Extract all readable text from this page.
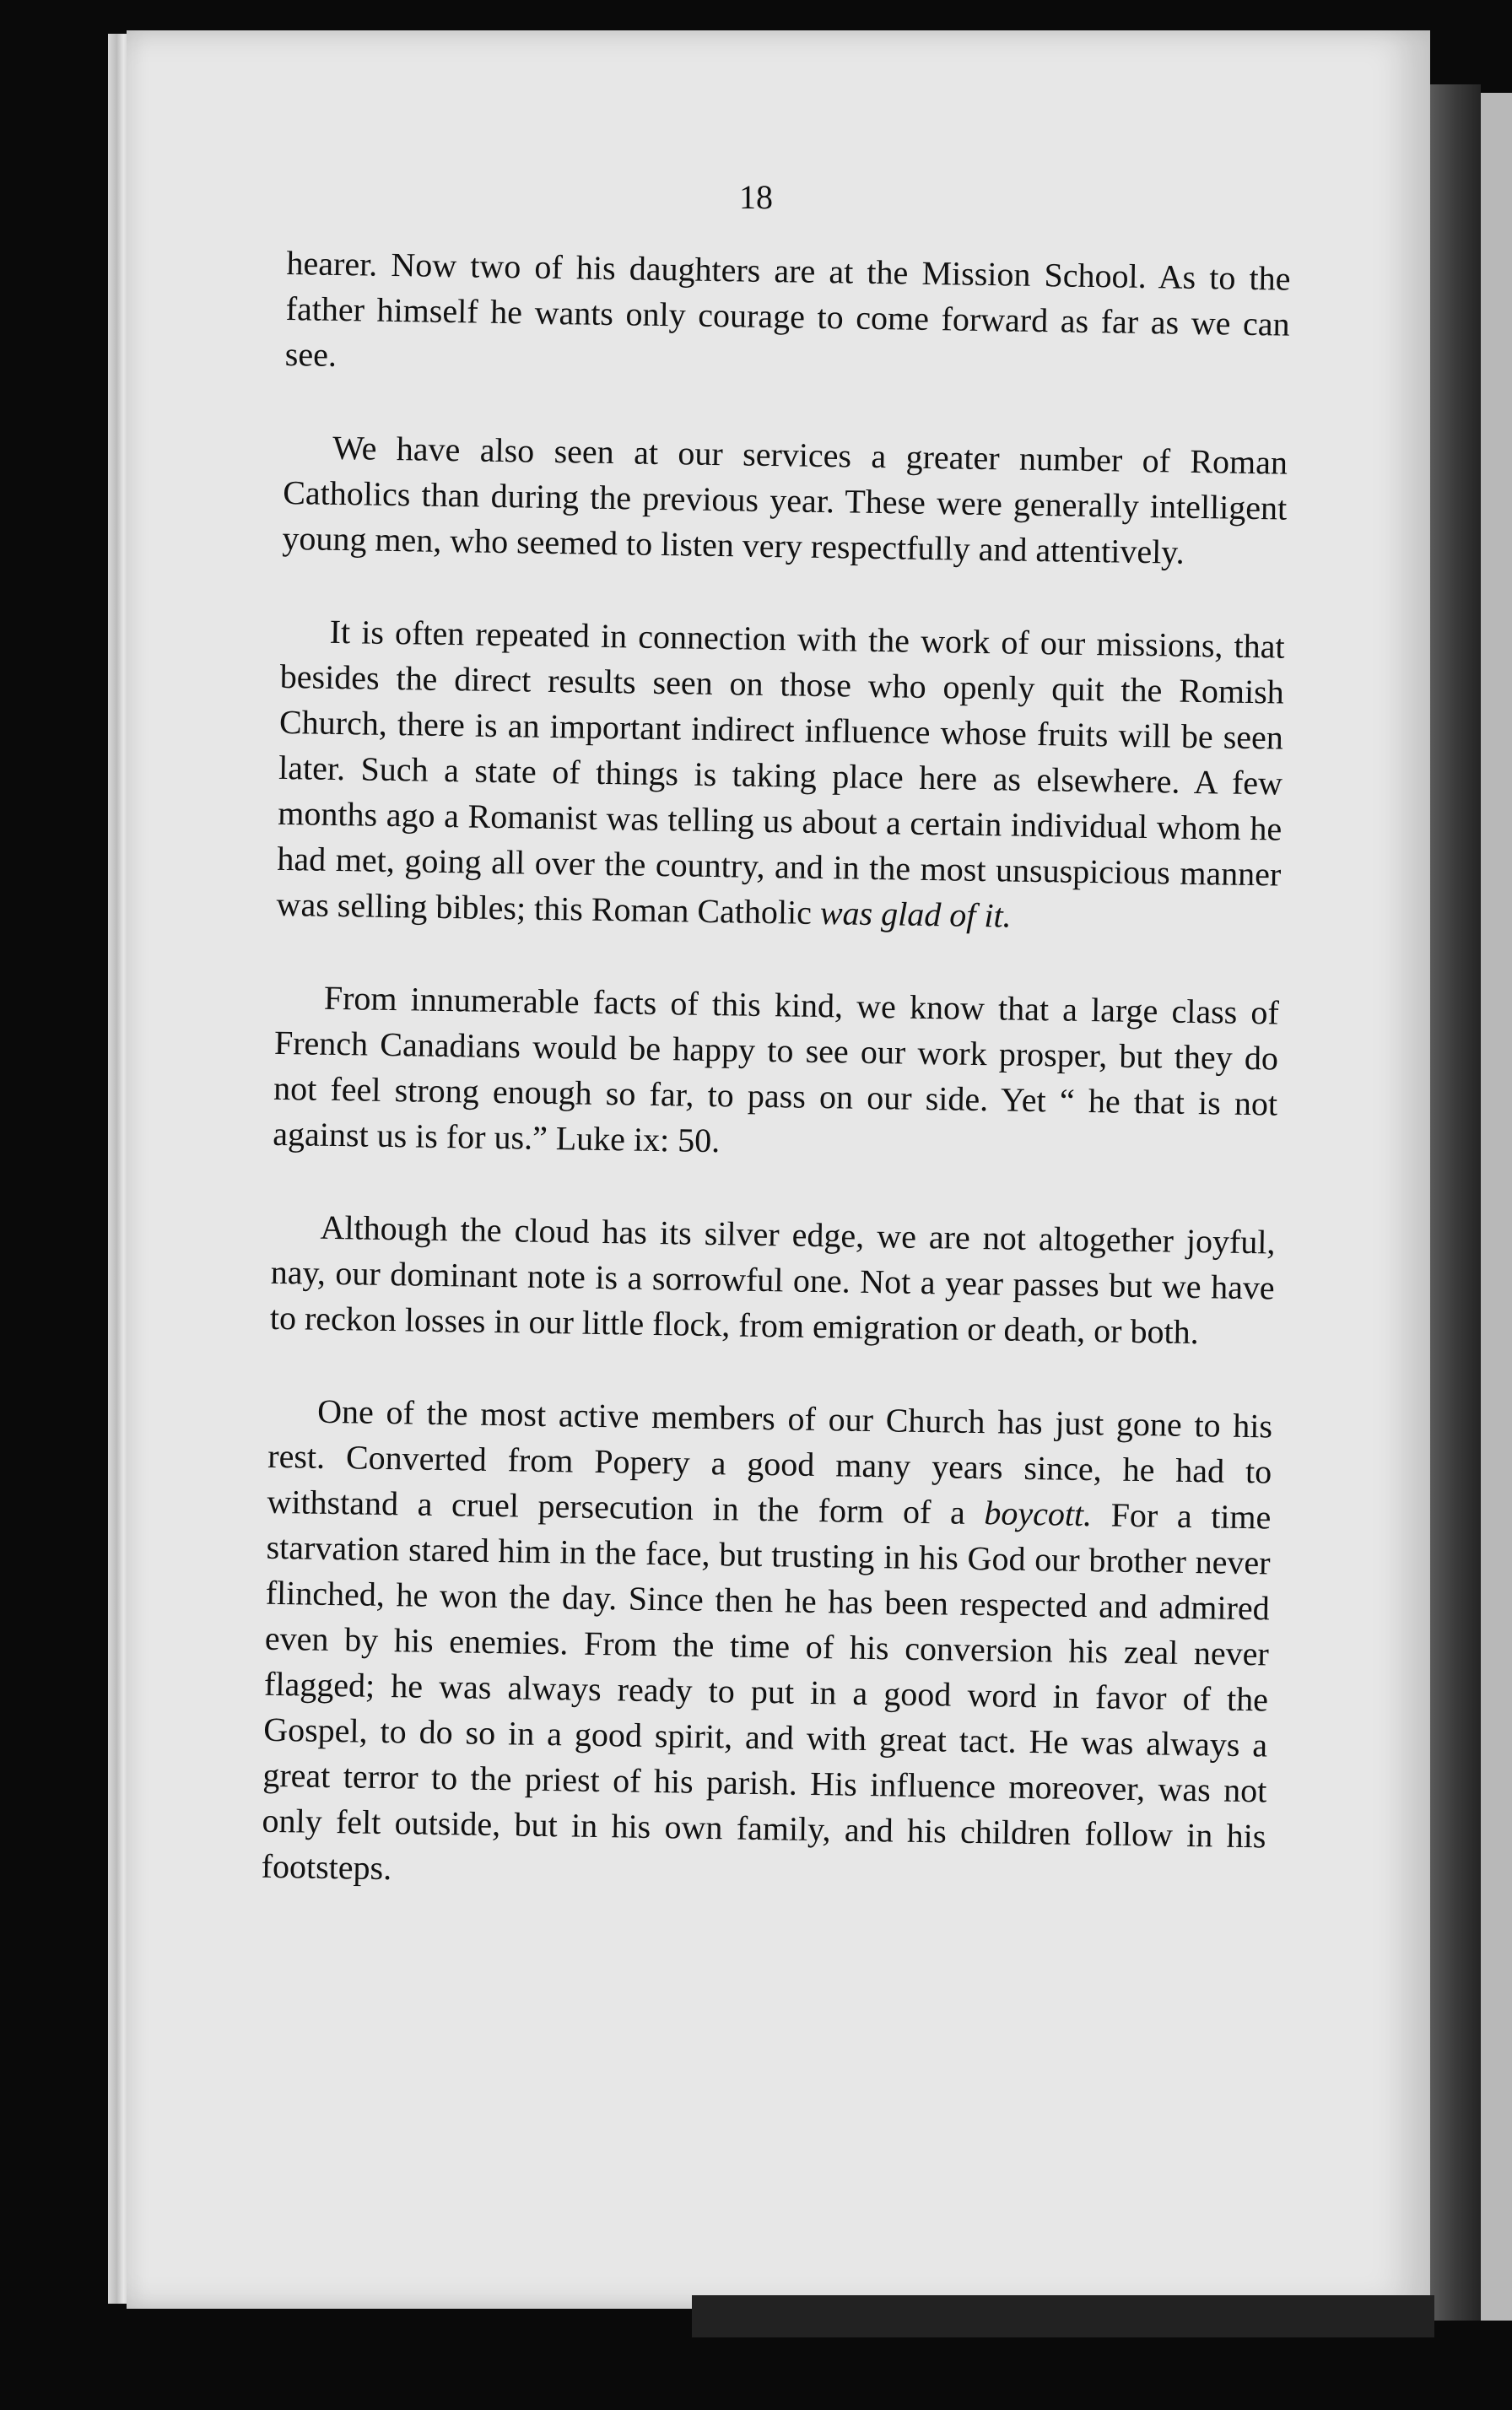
18

hearer. Now two of his daughters are at the Mission School. As to the father himself he wants only courage to come forward as far as we can see.

We have also seen at our services a greater number of Roman Catholics than during the previous year. These were generally intelligent young men, who seemed to listen very respectfully and attentively.

It is often repeated in connection with the work of our missions, that besides the direct results seen on those who openly quit the Romish Church, there is an important indirect influence whose fruits will be seen later. Such a state of things is taking place here as elsewhere. A few months ago a Romanist was telling us about a certain individual whom he had met, going all over the country, and in the most unsuspicious manner was selling bibles; this Roman Catholic was glad of it.

From innumerable facts of this kind, we know that a large class of French Canadians would be happy to see our work prosper, but they do not feel strong enough so far, to pass on our side. Yet “ he that is not against us is for us.” Luke ix: 50.

Although the cloud has its silver edge, we are not altogether joyful, nay, our dominant note is a sorrowful one. Not a year passes but we have to reckon losses in our little flock, from emigration or death, or both.

One of the most active members of our Church has just gone to his rest. Converted from Popery a good many years since, he had to withstand a cruel persecution in the form of a boycott. For a time starvation stared him in the face, but trusting in his God our brother never flinched, he won the day. Since then he has been respected and admired even by his enemies. From the time of his conversion his zeal never flagged; he was always ready to put in a good word in favor of the Gospel, to do so in a good spirit, and with great tact. He was always a great terror to the priest of his parish. His influence moreover, was not only felt outside, but in his own family, and his children follow in his footsteps.
